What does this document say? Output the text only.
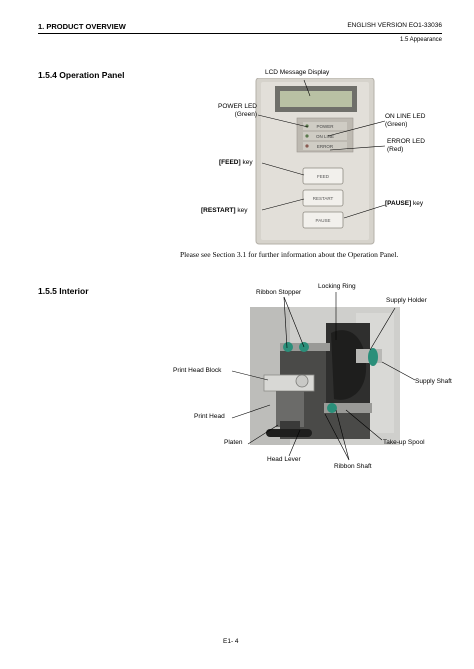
1. PRODUCT OVERVIEW	ENGLISH VERSION EO1-33036
1.5 Appearance
1.5.4 Operation Panel
POWER
ON LINE
ERROR
FEED
RESTART
PAUSE
LCD Message Display
POWER LED
(Green)	ON LINE LED
(Green)
ERROR LED
(Red)
[FEED] key
[RESTART] key
[PAUSE] key
Please see Section 3.1 for further information about the Operation Panel.
1.5.5 Interior	Locking Ring
Ribbon Stopper
Supply Holder
Print Head Block
Supply Shaft
Print Head
Platen	Take-up Spool
Head Lever
Ribbon Shaft
E1- 4
